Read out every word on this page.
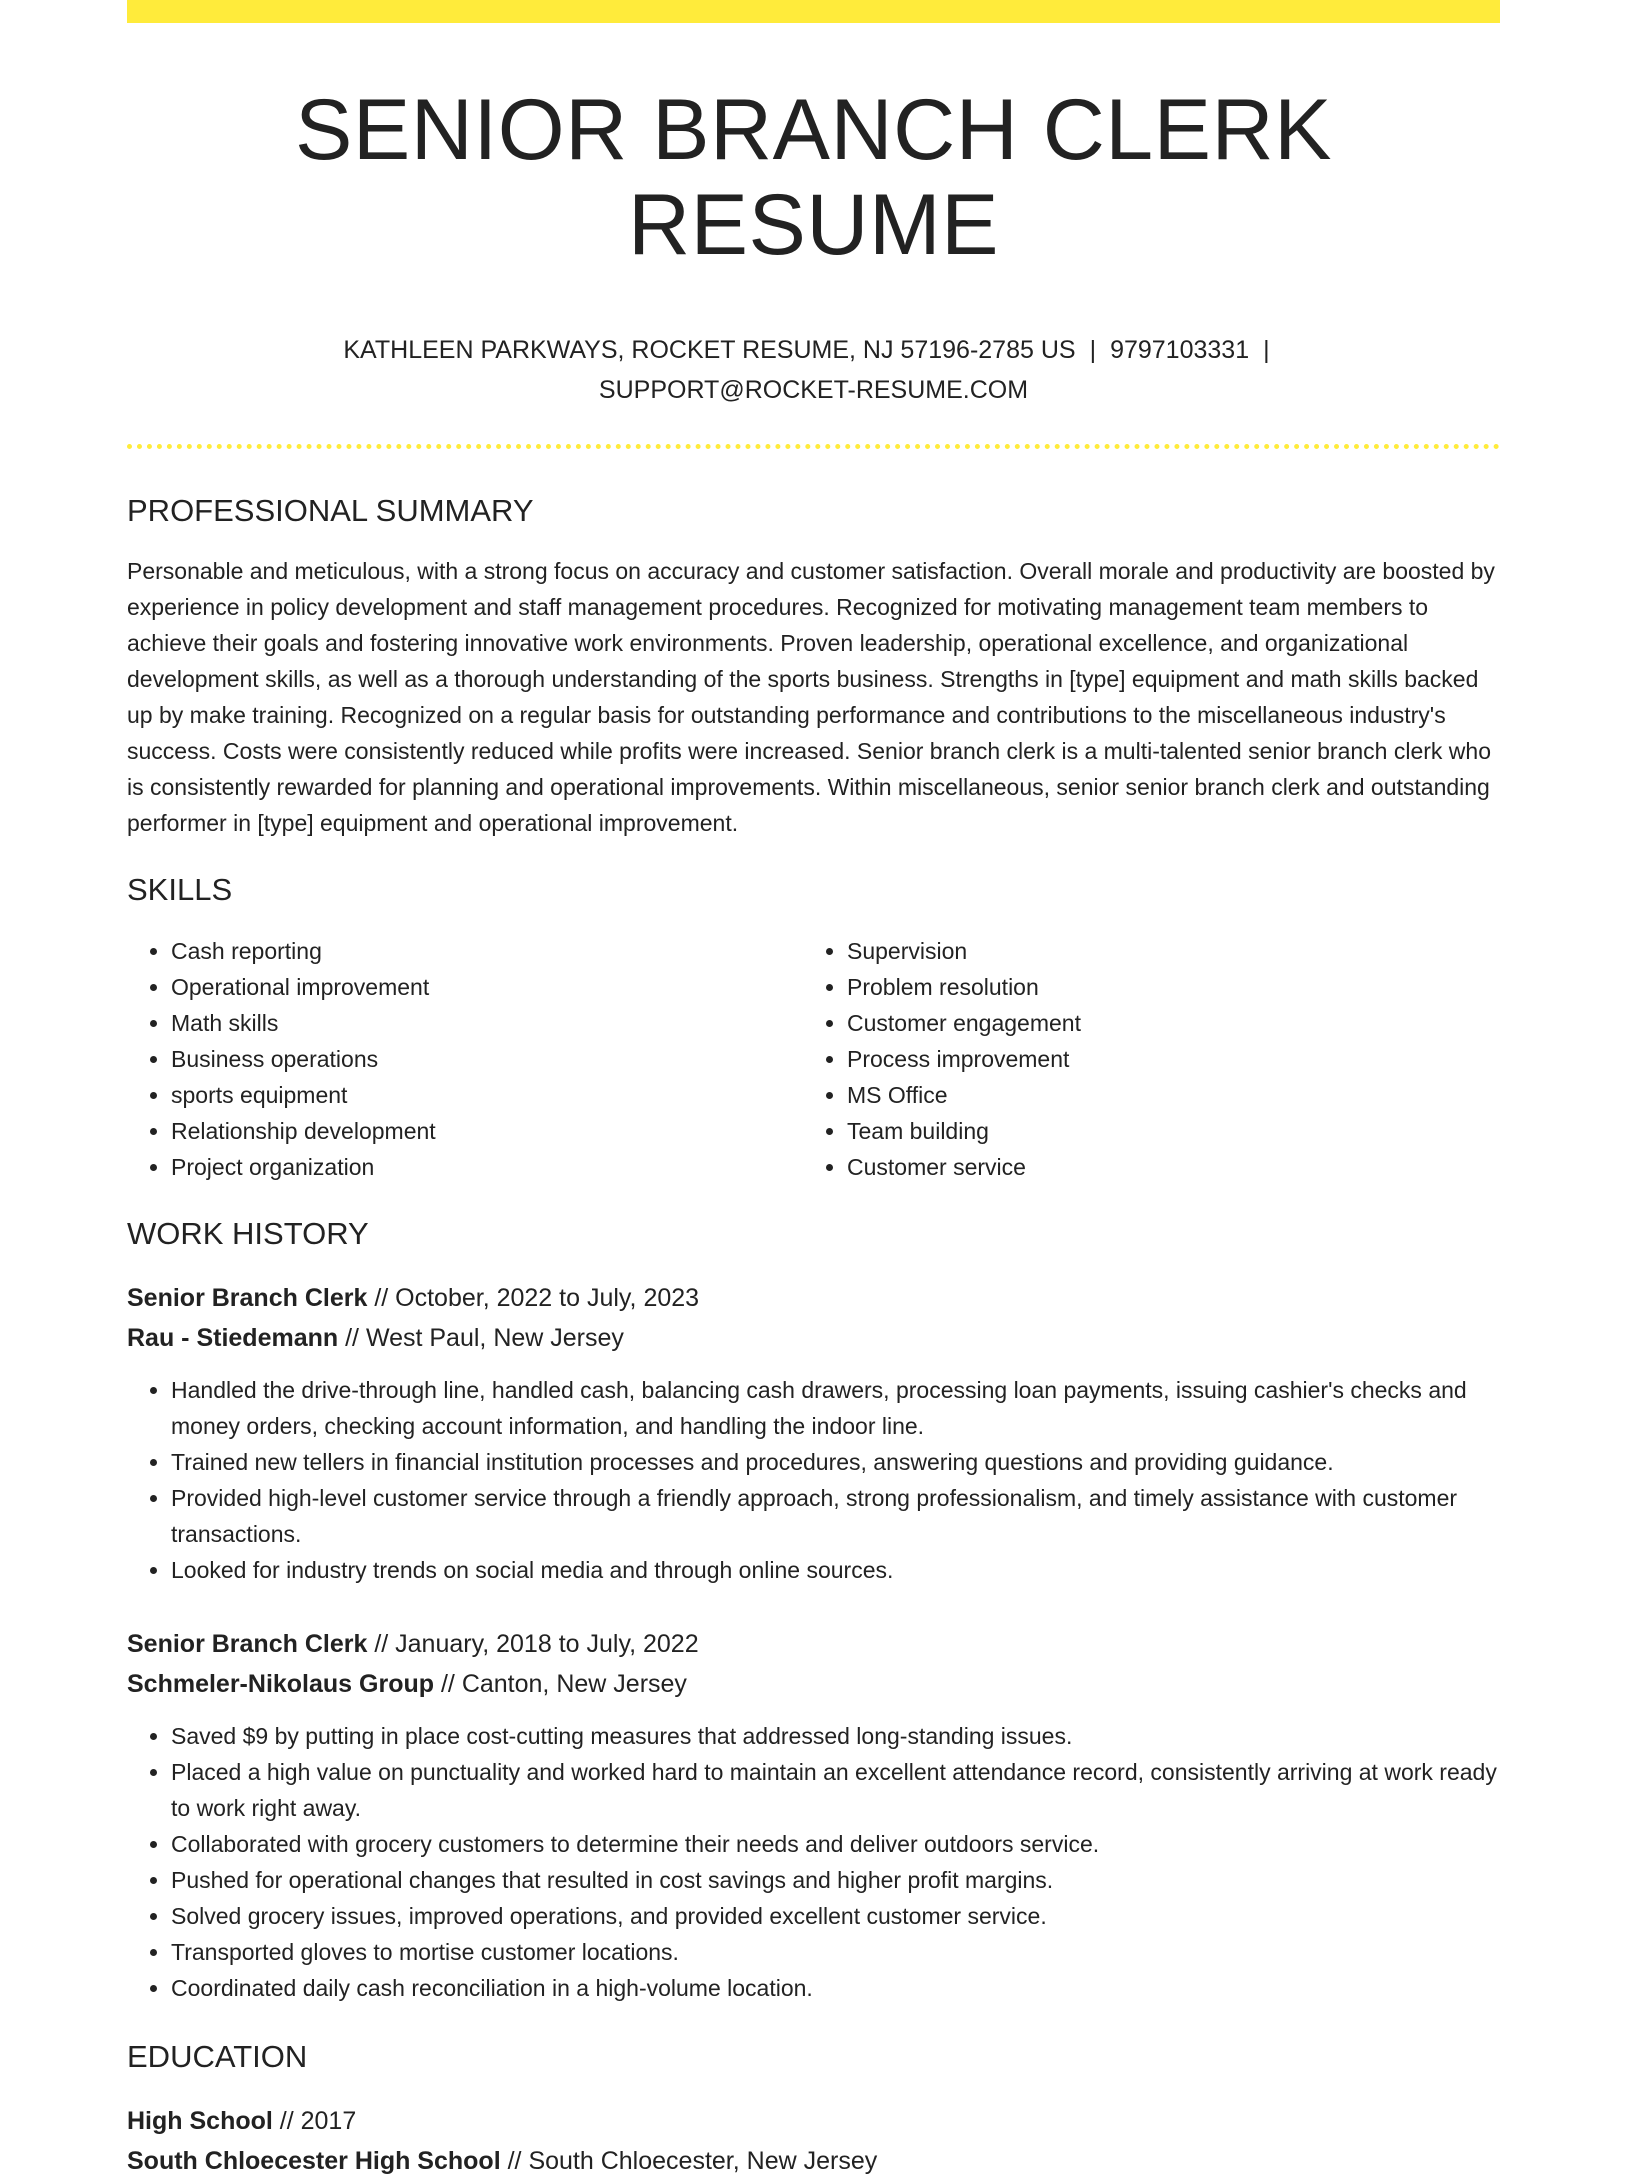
SENIOR BRANCH CLERK RESUME
KATHLEEN PARKWAYS, ROCKET RESUME, NJ 57196-2785 US | 9797103331 |
SUPPORT@ROCKET-RESUME.COM
PROFESSIONAL SUMMARY

Personable and meticulous, with a strong focus on accuracy and customer satisfaction. Overall morale and productivity are boosted by experience in policy development and staff management procedures. Recognized for motivating management team members to achieve their goals and fostering innovative work environments. Proven leadership, operational excellence, and organizational development skills, as well as a thorough understanding of the sports business. Strengths in [type] equipment and math skills backed up by make training. Recognized on a regular basis for outstanding performance and contributions to the miscellaneous industry's success. Costs were consistently reduced while profits were increased. Senior branch clerk is a multi-talented senior branch clerk who is consistently rewarded for planning and operational improvements. Within miscellaneous, senior senior branch clerk and outstanding performer in [type] equipment and operational improvement.

SKILLS
• Cash reporting
• Operational improvement
• Math skills
• Business operations
• sports equipment
• Relationship development
• Project organization
• Supervision
• Problem resolution
• Customer engagement
• Process improvement
• MS Office
• Team building
• Customer service
WORK HISTORY
Senior Branch Clerk // October, 2022 to July, 2023
Rau - Stiedemann // West Paul, New Jersey
• Handled the drive-through line, handled cash, balancing cash drawers, processing loan payments, issuing cashier's checks and money orders, checking account information, and handling the indoor line.
• Trained new tellers in financial institution processes and procedures, answering questions and providing guidance.
• Provided high-level customer service through a friendly approach, strong professionalism, and timely assistance with customer transactions.
• Looked for industry trends on social media and through online sources.
Senior Branch Clerk // January, 2018 to July, 2022
Schmeler-Nikolaus Group // Canton, New Jersey
• Saved $9 by putting in place cost-cutting measures that addressed long-standing issues.
• Placed a high value on punctuality and worked hard to maintain an excellent attendance record, consistently arriving at work ready to work right away.
• Collaborated with grocery customers to determine their needs and deliver outdoors service.
• Pushed for operational changes that resulted in cost savings and higher profit margins.
• Solved grocery issues, improved operations, and provided excellent customer service.
• Transported gloves to mortise customer locations.
• Coordinated daily cash reconciliation in a high-volume location.
EDUCATION
High School // 2017
South Chloecester High School // South Chloecester, New Jersey
